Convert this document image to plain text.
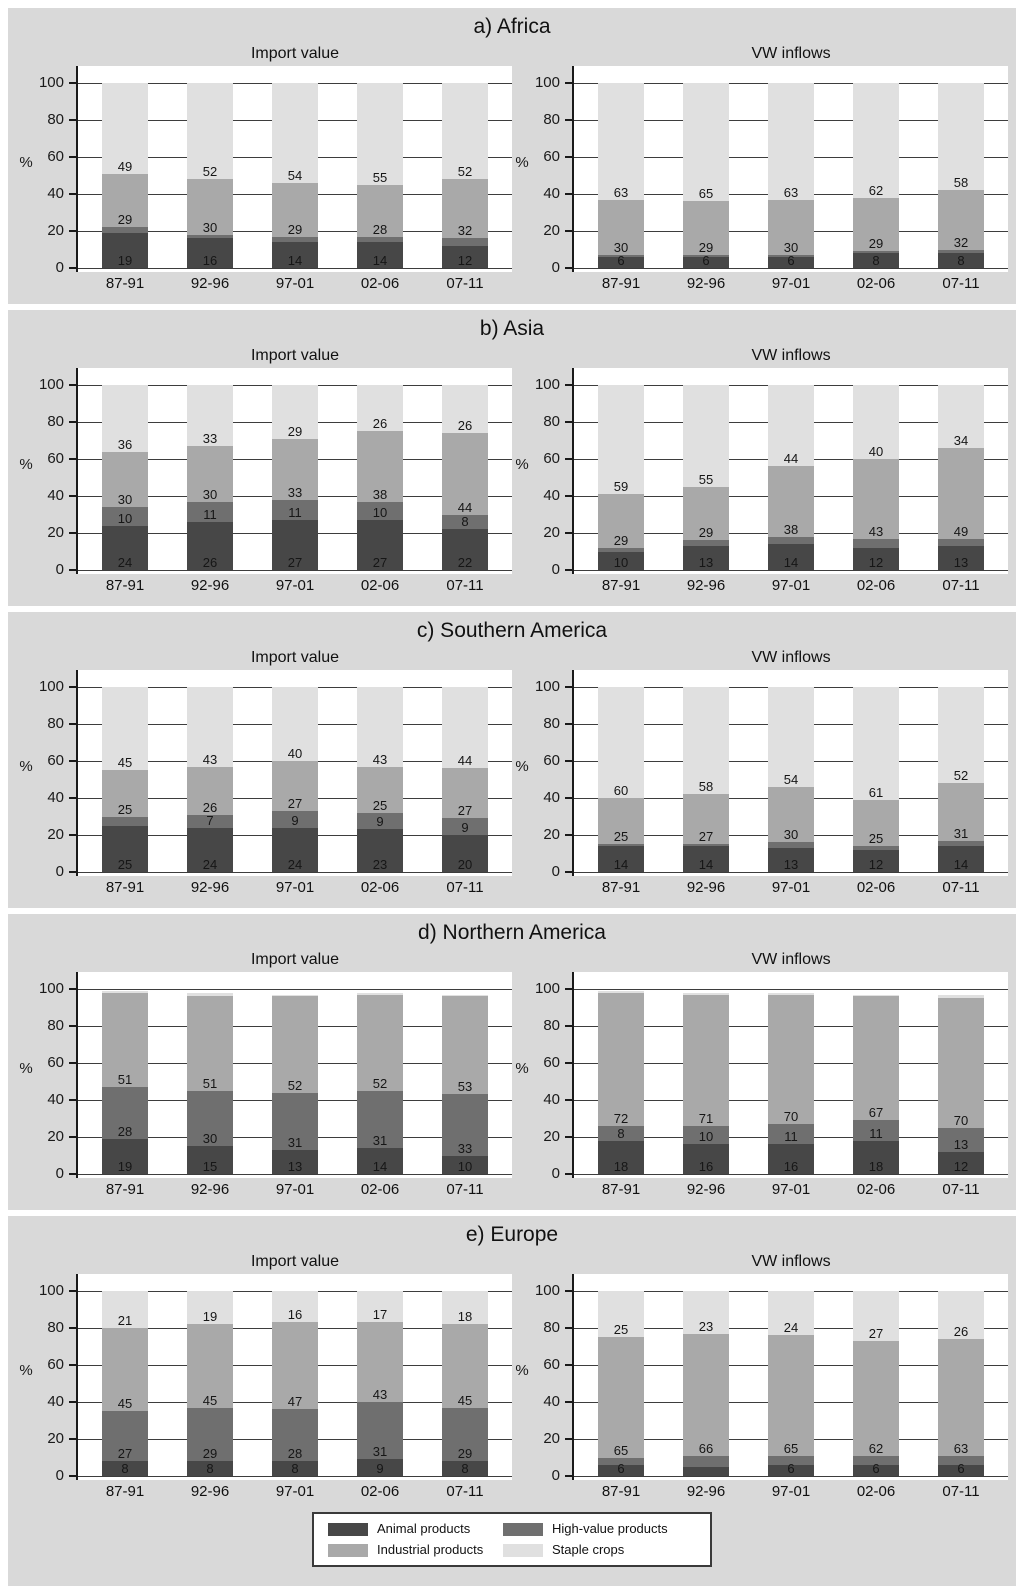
a) Africa
Import value
%
100
80
60
40
20
0	19
29
49
16
30
52
14
29
54
14
28
55
12
32
52
87-91	92-96	97-01	02-06	07-11
VW inflows
%
100
80
60
40
20
0	6
30
63
6
29
65
6
30
63
8
29
62
8
32
58
87-91	92-96	97-01	02-06	07-11
b) Asia
Import value
%
100
80
60
40
20
0	24
10
30
36
26
11
30
33
27
11
33
29
27
10
38
26
22
8
44
26
87-91	92-96	97-01	02-06	07-11
VW inflows
%
100
80
60
40
20
0	10
29
59
13
29
55
14
38
44
12
43
40
13
49
34
87-91	92-96	97-01	02-06	07-11
c) Southern America
Import value
%
100
80
60
40
20
0	25
25
45
24
7
26
43
24
9
27
40
23
9
25
43
20
9
27
44
87-91	92-96	97-01	02-06	07-11
VW inflows
%
100
80
60
40
20
0	14
25
60
14
27
58
13
30
54
12
25
61
14
31
52
87-91	92-96	97-01	02-06	07-11
d) Northern America
Import value
%
100
80
60
40
20
0	19
28
51
15
30
51
13
31
52
14
31
52
10
33
53
87-91	92-96	97-01	02-06	07-11
VW inflows
%
100
80
60
40
20
0	18
8
72
16
10
71
16
11
70
18
11
67
12
13
70
87-91	92-96	97-01	02-06	07-11
e) Europe
Import value
%
100
80
60
40
20
0	8
27
45
21
8
29
45
19
8
28
47
16
9
31
43
17
8
29
45
18
87-91	92-96	97-01	02-06	07-11
VW inflows
%
100
80
60
40
20
0	6
65
25
66
23
6
65
24
6
62
27
6
63
26
87-91	92-96	97-01	02-06	07-11
Animal products	High-value products
Industrial products	Staple crops
